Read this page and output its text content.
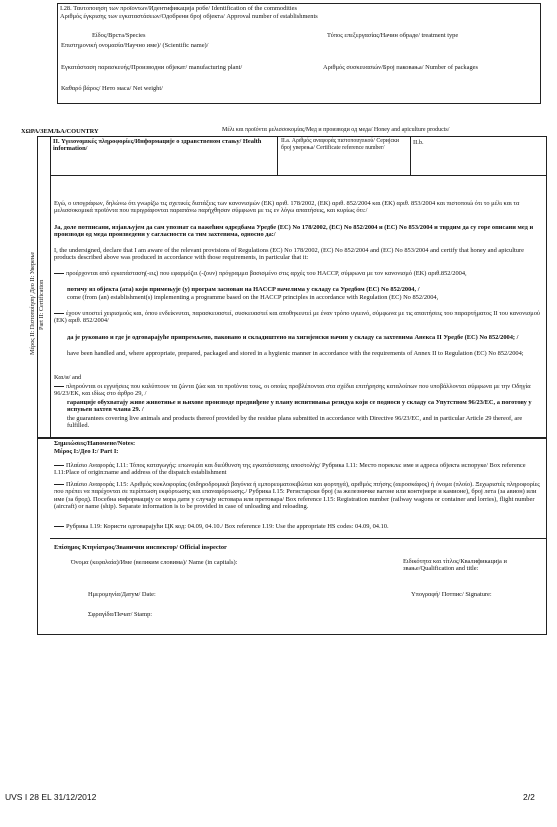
I.28. Ταυτοποιηση των προϊοντων/Идентификација робе/ Identification of the commodities
Αριθμός έγκρισης των εγκαταστάσεων/Одобрени број објекта/ Approval number of establishments
Είδος/Врста/Species	Τύπος επεξεργασίας/Начин обраде/ treatment type
Επιστημονική ονομασία/Научно име)/ (Scientific name)/
Εγκατάσταση παρασκευής/Производни објекат/ manufacturing plant/	Αριθμός συσκευασιών/Број паковања/ Number of packages
Καθαρό βάρος/ Нето маса/ Net weight/
ΧΩΡΑ/ЗЕМЉА/COUNTRY	Μέλι και προϊόντα μελισσοκομίας/Мед и производи од меда/ Honey and apiculture products/
Μέρος II: Πιστοποίηση/ Део II: Уверење Part II: Certification
II. Υγειονομικές πληροφορίες/Информације о здравственом стању/ Health information/
II.a. Αριθμός αναφοράς πιστοποιητικού/ Серијски број уверења/ Certificate reference number/
II.b.
Εγώ, ο υπογράφων, δηλώνω ότι γνωρίζω τις σχετικές διατάξεις των κανονισμών (ΕΚ) αριθ. 178/2002, (ΕΚ) αριθ. 852/2004 και (ΕΚ) αριθ. 853/2004 και πιστοποιώ ότι το μέλι και τα μελισσοκομικά προϊόντα που περιγράφονται παραπάνω παρήχθησαν σύμφωνα με τις εν λόγω απαιτήσεις, και κυρίως ότι:/
Ја, доле потписани, изјављујем да сам упознат са важећим одредбама Уредбе (ЕС) No 178/2002, (ЕС) No 852/2004 и (ЕС) No 853/2004 и тврдим да су горе описани мед и производи од меда произведени у сагласности са тим захтевима, односно да:/
I, the undersigned, declare that I am aware of the relevant provisions of Regulations (EC) No 178/2002, (EC) No 852/2004 and (EC) No 853/2004 and certify that honey and apiculture products described above was produced in accordance with those requirements, in particular that it:
προέρχονται από εγκατάσταση(-εις) που εφαρμόζει (-ζουν) πρόγραμμα βασισμένο στις αρχές του HACCP, σύμφωνα με τον κανονισμό (ΕΚ) αριθ.852/2004,
потичу из објекта (ата) који примењује (у) програм заснован на HACCP начелима у складу са Уредбом (ЕС) No 852/2004, /
come (from (an) establishment(s) implementing a programme based on the HACCP principles in accordance with Regulation (EC) No 852/2004,
έχουν υποστεί χειρισμούς και, όπου ενδείκνυται, παρασκευαστεί, συσκευαστεί και αποθηκευτεί με έναν τρόπο υγιεινό, σύμφωνα με τις απαιτήσεις του παραρτήματος II του κανονισμού (ΕΚ) αριθ. 852/2004/
да је руковано и где је одговарајуће припремљено, паковано и складиштено на хигијенски начин у складу са захтевима Анекса II Уредбе (ЕС) No 852/2004; /
have been handled and, where appropriate, prepared, packaged and stored in a hygienic manner in accordance with the requirements of Annex II to Regulation (EC) No 852/2004;
Και/и/ and
πληρούνται οι εγγυήσεις που καλύπτουν τα ζώντα ζώα και τα προϊόντα τους, οι οποίες προβλέπονται στα σχέδια επιτήρησης καταλοίπων που υποβάλλονται σύμφωνα με την Οδηγία 96/23/ΕΚ, και ιδίως στο άρθρο 29, /
гаранције обухватају живе животиње и њихове производе предвиђене у плану испитивања резидуа који се подноси у складу са Упутством 96/23/ЕС, а поготову у испуњен захтев члана 29. /
the guarantees covering live animals and products thereof provided by the residue plans submitted in accordance with Directive 96/23/EC, and in particular Article 29 thereof, are fulfilled.
Σημειώσεις/Напомене/Notes:
Μέρος Ι:/Део I:/ Part I:
Πλαίσιο Αναφοράς I.11: Τόπος καταγωγής: επωνυμία και διεύθυνση της εγκατάστασης αποστολής/ Рубрика I.11: Место порекла: име и адреса објекта испоруке/ Box reference I.11:Place of origin:name and address of the dispatch establishment
Πλαίσιο Αναφοράς I.15: Αριθμός κυκλοφορίας (σιδηροδρομικά βαγόνια ή εμπορευματοκιβώτια και φορτηγά), αριθμός πτήσης (αεροσκάφος) ή όνομα (πλοίο). Ξεχωριστές πληροφορίες που πρέπει να παρέχονται σε περίπτωση εκφόρτωσης και επαναφόρτωσης./ Рубрика I.15: Регистарски број (за железничке вагоне или контејнере и камионе), број лета (за авион) или име (за брод). Посебна информацију се мора дати у случају истовара или претовара/ Box reference I.15: Registration number (railway wagons or container and lorries), flight number (aircraft) or name (ship). Separate information is to be provided in case of unloading and reloading.
Рубрика I.19: Користи одговарајући ЦК код: 04.09, 04.10./ Box reference I.19: Use the appropriate HS codes: 04.09, 04.10.
Επίσημος Κτηνίατρος/Званични инспектор/ Official inspector
Όνομα (κεφαλαία)/Име (великим словима)/ Name (in capitals):	Ειδικότητα και τίτλος/Квалификација и звање/Qualification and title:
Ημερομηνία/Датум/ Date:	Υπογραφή/ Потпис/ Signature:
Σφραγίδα/Печат/ Stamp:
UVS I 28 EL 31/12/2012	2/2
